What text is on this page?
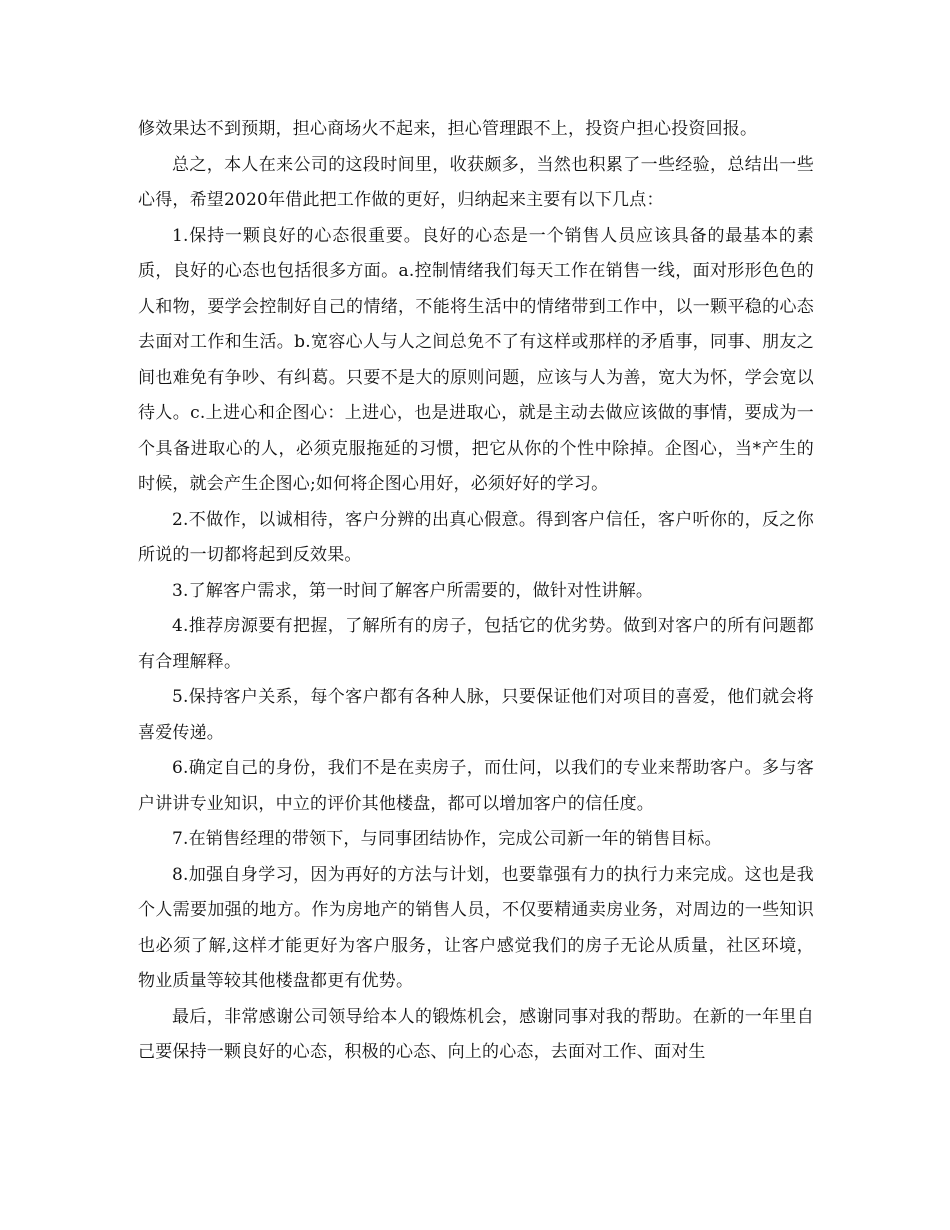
修效果达不到预期，担心商场火不起来，担心管理跟不上，投资户担心投资回报。

总之，本人在来公司的这段时间里，收获颇多，当然也积累了一些经验，总结出一些心得，希望2020年借此把工作做的更好，归纳起来主要有以下几点：

1.保持一颗良好的心态很重要。良好的心态是一个销售人员应该具备的最基本的素质，良好的心态也包括很多方面。a.控制情绪我们每天工作在销售一线，面对形形色色的人和物，要学会控制好自己的情绪，不能将生活中的情绪带到工作中，以一颗平稳的心态去面对工作和生活。b.宽容心人与人之间总免不了有这样或那样的矛盾事，同事、朋友之间也难免有争吵、有纠葛。只要不是大的原则问题，应该与人为善，宽大为怀，学会宽以待人。c.上进心和企图心：上进心，也是进取心，就是主动去做应该做的事情，要成为一个具备进取心的人，必须克服拖延的习惯，把它从你的个性中除掉。企图心，当*产生的时候，就会产生企图心;如何将企图心用好，必须好好的学习。

2.不做作，以诚相待，客户分辨的出真心假意。得到客户信任，客户听你的，反之你所说的一切都将起到反效果。

3.了解客户需求，第一时间了解客户所需要的，做针对性讲解。

4.推荐房源要有把握，了解所有的房子，包括它的优劣势。做到对客户的所有问题都有合理解释。

5.保持客户关系，每个客户都有各种人脉，只要保证他们对项目的喜爱，他们就会将喜爱传递。

6.确定自己的身份，我们不是在卖房子，而仕问，以我们的专业来帮助客户。多与客户讲讲专业知识，中立的评价其他楼盘，都可以增加客户的信任度。

7.在销售经理的带领下，与同事团结协作，完成公司新一年的销售目标。

8.加强自身学习，因为再好的方法与计划，也要靠强有力的执行力来完成。这也是我个人需要加强的地方。作为房地产的销售人员，不仅要精通卖房业务，对周边的一些知识也必须了解,这样才能更好为客户服务，让客户感觉我们的房子无论从质量，社区环境，物业质量等较其他楼盘都更有优势。

最后，非常感谢公司领导给本人的锻炼机会，感谢同事对我的帮助。在新的一年里自己要保持一颗良好的心态，积极的心态、向上的心态，去面对工作、面对生
